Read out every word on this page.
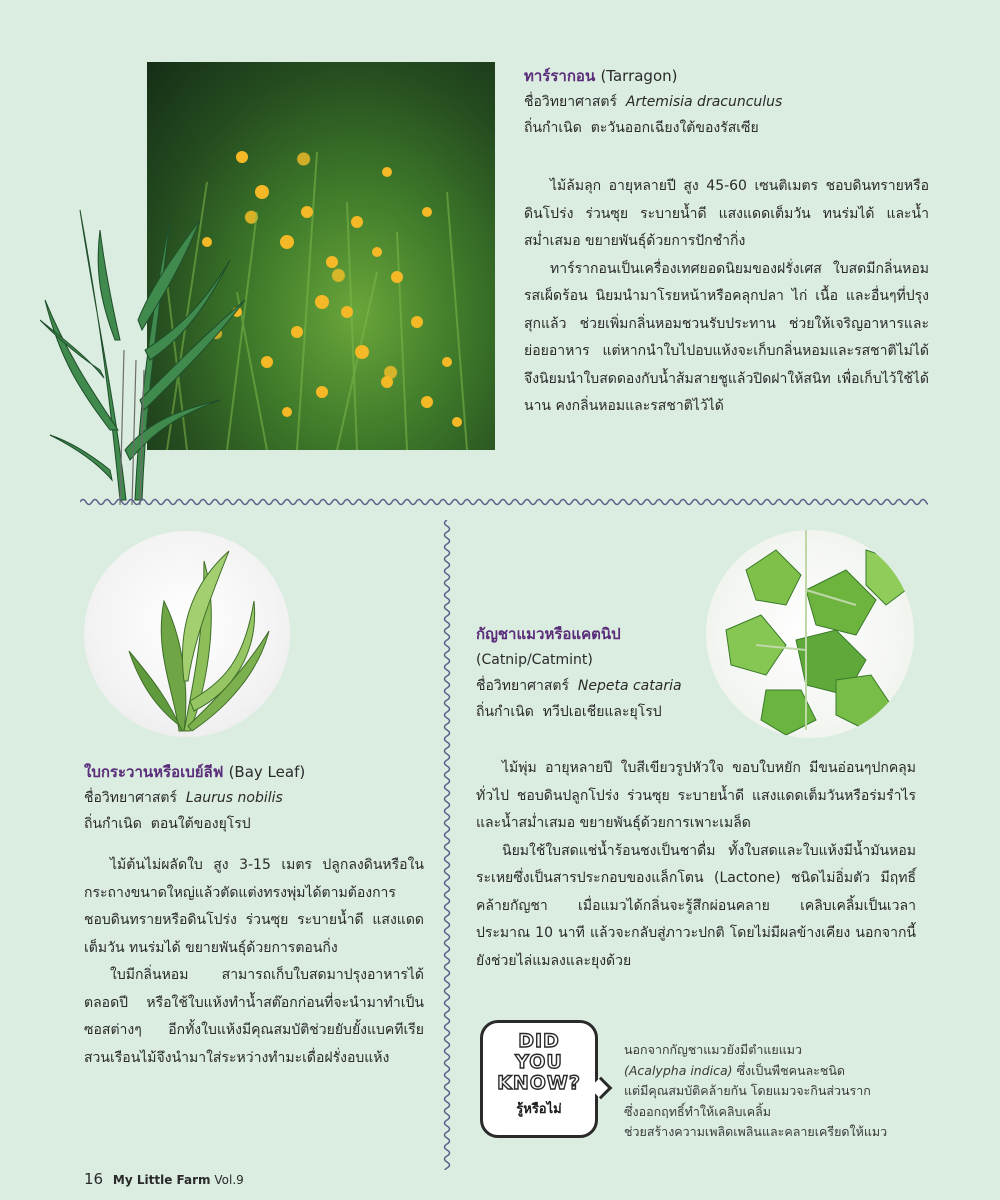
ทาร์รากอน (Tarragon)
ชื่อวิทยาศาสตร์ Artemisia dracunculus
ถิ่นกำเนิด ตะวันออกเฉียงใต้ของรัสเซีย

ไม้ล้มลุก อายุหลายปี สูง 45-60 เซนติเมตร ชอบดินทรายหรือดินโปร่ง ร่วนซุย ระบายน้ำดี แสงแดดเต็มวัน ทนร่มได้ และน้ำสม่ำเสมอ ขยายพันธุ์ด้วยการปักชำกิ่ง

ทาร์รากอนเป็นเครื่องเทศยอดนิยมของฝรั่งเศส ใบสดมีกลิ่นหอม รสเผ็ดร้อน นิยมนำมาโรยหน้าหรือคลุกปลา ไก่ เนื้อ และอื่นๆที่ปรุงสุกแล้ว ช่วยเพิ่มกลิ่นหอมชวนรับประทาน ช่วยให้เจริญอาหารและย่อยอาหาร แต่หากนำใบไปอบแห้งจะเก็บกลิ่นหอมและรสชาติไม่ได้ จึงนิยมนำใบสดดองกับน้ำส้มสายชูแล้วปิดฝาให้สนิท เพื่อเก็บไว้ใช้ได้นาน คงกลิ่นหอมและรสชาติไว้ได้

ใบกระวานหรือเบย์ลีฟ (Bay Leaf)
ชื่อวิทยาศาสตร์ Laurus nobilis
ถิ่นกำเนิด ตอนใต้ของยุโรป

ไม้ต้นไม่ผลัดใบ สูง 3-15 เมตร ปลูกลงดินหรือในกระถางขนาดใหญ่แล้วตัดแต่งทรงพุ่มได้ตามต้องการ ชอบดินทรายหรือดินโปร่ง ร่วนซุย ระบายน้ำดี แสงแดดเต็มวัน ทนร่มได้ ขยายพันธุ์ด้วยการตอนกิ่ง

ใบมีกลิ่นหอม สามารถเก็บใบสดมาปรุงอาหารได้ตลอดปี หรือใช้ใบแห้งทำน้ำสต๊อกก่อนที่จะนำมาทำเป็นซอสต่างๆ อีกทั้งใบแห้งมีคุณสมบัติช่วยยับยั้งแบคทีเรีย สวนเรือนไม้จึงนำมาใส่ระหว่างทำมะเดื่อฝรั่งอบแห้ง

กัญชาแมวหรือแคตนิป
(Catnip/Catmint)
ชื่อวิทยาศาสตร์ Nepeta cataria
ถิ่นกำเนิด ทวีปเอเชียและยุโรป

ไม้พุ่ม อายุหลายปี ใบสีเขียวรูปหัวใจ ขอบใบหยัก มีขนอ่อนๆปกคลุมทั่วไป ชอบดินปลูกโปร่ง ร่วนซุย ระบายน้ำดี แสงแดดเต็มวันหรือร่มรำไร และน้ำสม่ำเสมอ ขยายพันธุ์ด้วยการเพาะเมล็ด

นิยมใช้ใบสดแช่น้ำร้อนชงเป็นชาดื่ม ทั้งใบสดและใบแห้งมีน้ำมันหอมระเหยซึ่งเป็นสารประกอบของแล็กโตน (Lactone) ชนิดไม่อิ่มตัว มีฤทธิ์คล้ายกัญชา เมื่อแมวได้กลิ่นจะรู้สึกผ่อนคลาย เคลิบเคลิ้มเป็นเวลาประมาณ 10 นาที แล้วจะกลับสู่ภาวะปกติ โดยไม่มีผลข้างเคียง นอกจากนี้ยังช่วยไล่แมลงและยุงด้วย

DID
YOU
KNOW?
รู้หรือไม่
นอกจากกัญชาแมวยังมีตำแยแมว
(Acalypha indica) ซึ่งเป็นพืชคนละชนิด
แต่มีคุณสมบัติคล้ายกัน โดยแมวจะกินส่วนราก
ซึ่งออกฤทธิ์ทำให้เคลิบเคลิ้ม
ช่วยสร้างความเพลิดเพลินและคลายเครียดให้แมว
16 My Little Farm Vol.9
